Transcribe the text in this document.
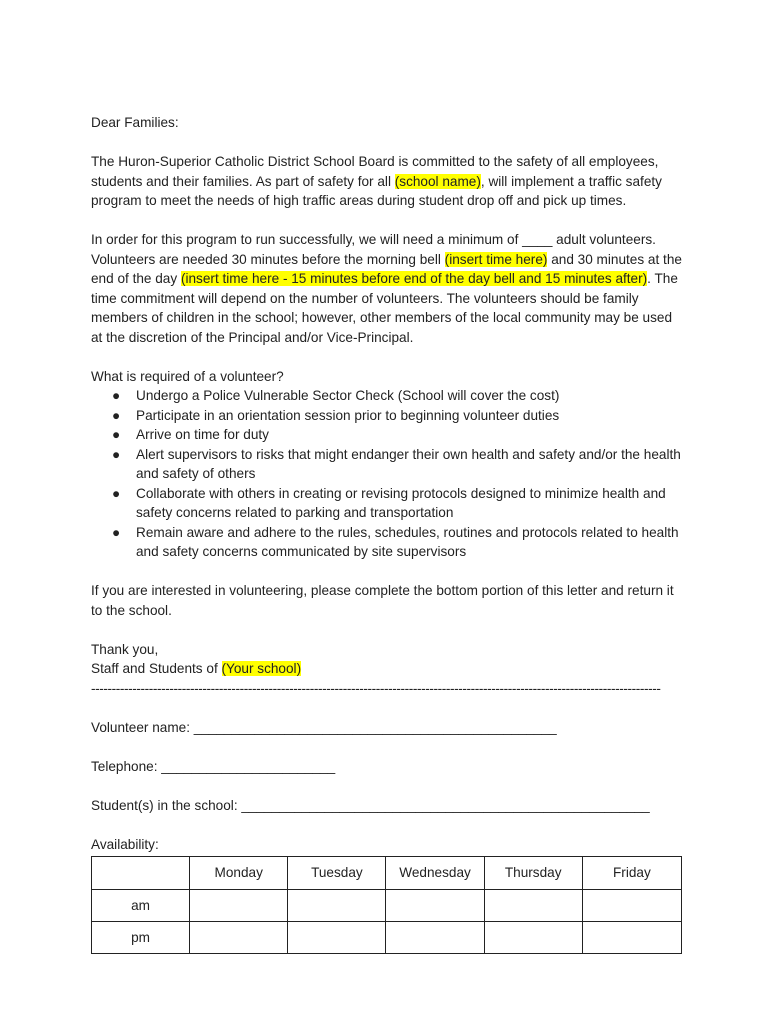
Dear Families:

The Huron-Superior Catholic District School Board is committed to the safety of all employees, students and their families. As part of safety for all (school name), will implement a traffic safety program to meet the needs of high traffic areas during student drop off and pick up times.

In order for this program to run successfully, we will need a minimum of ____ adult volunteers. Volunteers are needed 30 minutes before the morning bell (insert time here) and 30 minutes at the end of the day (insert time here - 15 minutes before end of the day bell and 15 minutes after). The time commitment will depend on the number of volunteers. The volunteers should be family members of children in the school; however, other members of the local community may be used at the discretion of the Principal and/or Vice-Principal.

What is required of a volunteer?

● Undergo a Police Vulnerable Sector Check (School will cover the cost)
● Participate in an orientation session prior to beginning volunteer duties
● Arrive on time for duty
● Alert supervisors to risks that might endanger their own health and safety and/or the health and safety of others
● Collaborate with others in creating or revising protocols designed to minimize health and safety concerns related to parking and transportation
● Remain aware and adhere to the rules, schedules, routines and protocols related to health and safety concerns communicated by site supervisors

If you are interested in volunteering, please complete the bottom portion of this letter and return it to the school.

Thank you,

Staff and Students of (Your school)

------------------------------------------------------------------------------------------------------------------------------------------

Volunteer name: ________________________________________________

Telephone: _______________________

Student(s) in the school: ______________________________________________________

Availability:

	Monday	Tuesday	Wednesday	Thursday	Friday
am					
pm					
